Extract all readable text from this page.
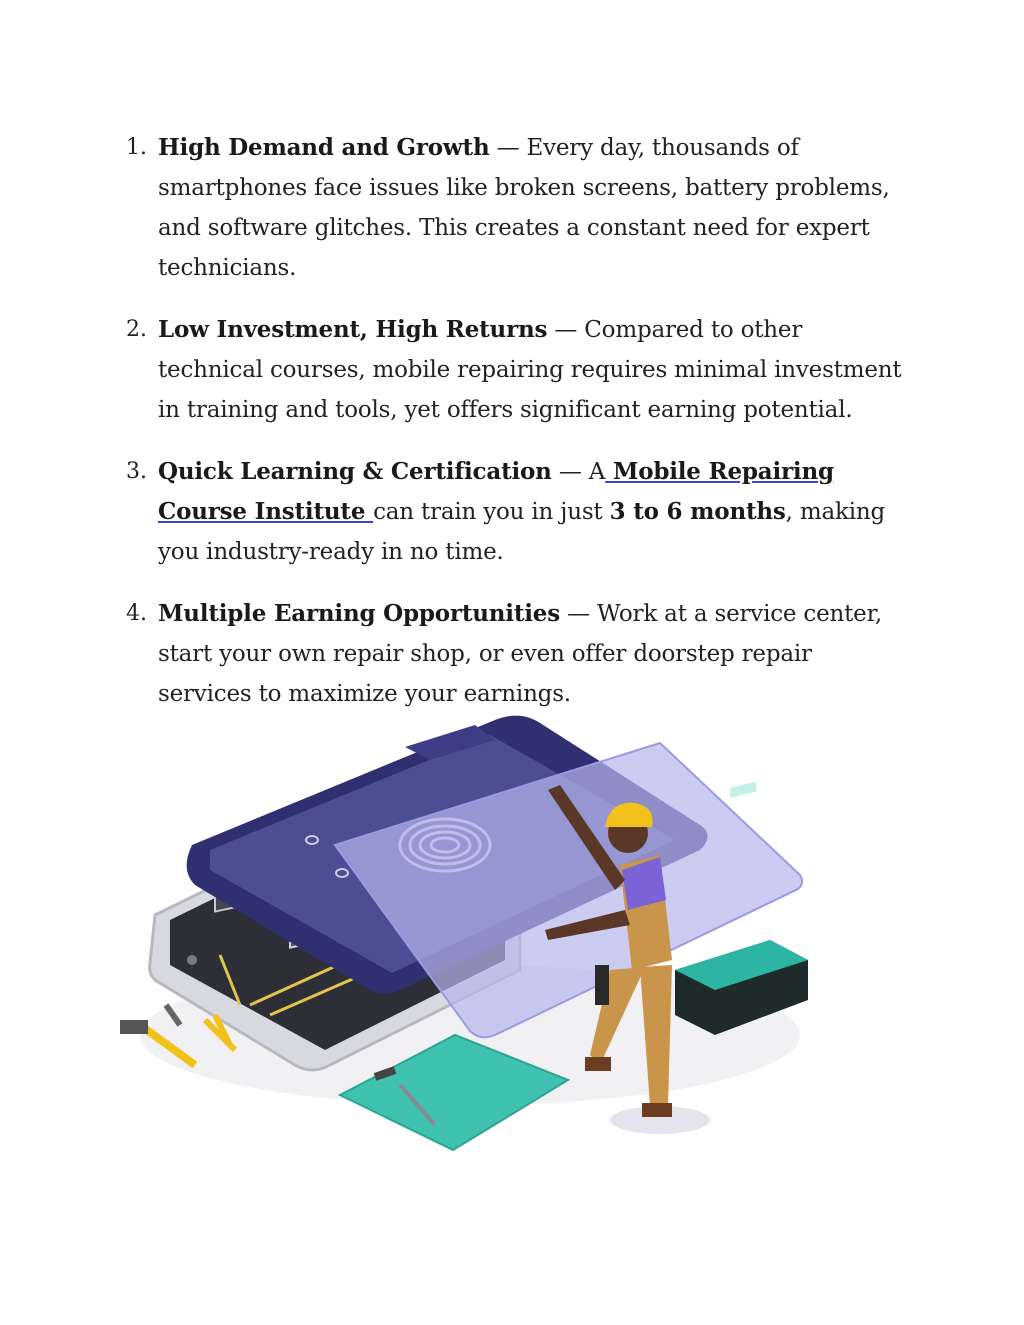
1. High Demand and Growth — Every day, thousands of smartphones face issues like broken screens, battery problems, and software glitches. This creates a constant need for expert technicians.
2. Low Investment, High Returns — Compared to other technical courses, mobile repairing requires minimal investment in training and tools, yet offers significant earning potential.
3. Quick Learning & Certification — A Mobile Repairing Course Institute can train you in just 3 to 6 months, making you industry-ready in no time.
4. Multiple Earning Opportunities — Work at a service center, start your own repair shop, or even offer doorstep repair services to maximize your earnings.
